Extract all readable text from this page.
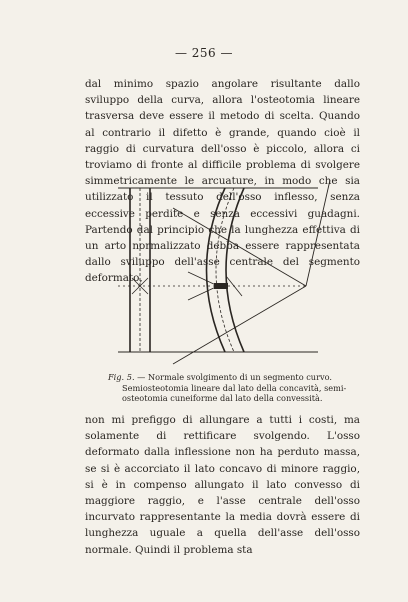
— 256 —

dal minimo spazio angolare risultante dallo sviluppo della curva, allora l'osteotomia lineare trasversa deve essere il metodo di scelta. Quando al contrario il difetto è grande, quando cioè il raggio di curvatura dell'osso è piccolo, allora ci troviamo di fronte al difficile problema di svolgere simmetricamente le arcuature, in modo che sia utilizzato il tessuto dell'osso inflesso, senza eccessive perdite e senza eccessivi guadagni. Partendo dal principio che la lunghezza effettiva di un arto normalizzato debba essere rappresentata dallo sviluppo dell'asse centrale del segmento deformato,

Fig. 5. — Normale svolgimento di un segmento curvo.
Semiosteotomia lineare dal lato della concavità, semi-
osteotomia cuneiforme dal lato della convessità.

non mi prefiggo di allungare a tutti i costi, ma solamente di rettificare svolgendo. L'osso deformato dalla inflessione non ha perduto massa, se si è accorciato il lato concavo di minore raggio, si è in compenso allungato il lato convesso di maggiore raggio, e l'asse centrale dell'osso incurvato rappresentante la media dovrà essere di lunghezza uguale a quella dell'asse dell'osso normale. Quindi il problema sta
